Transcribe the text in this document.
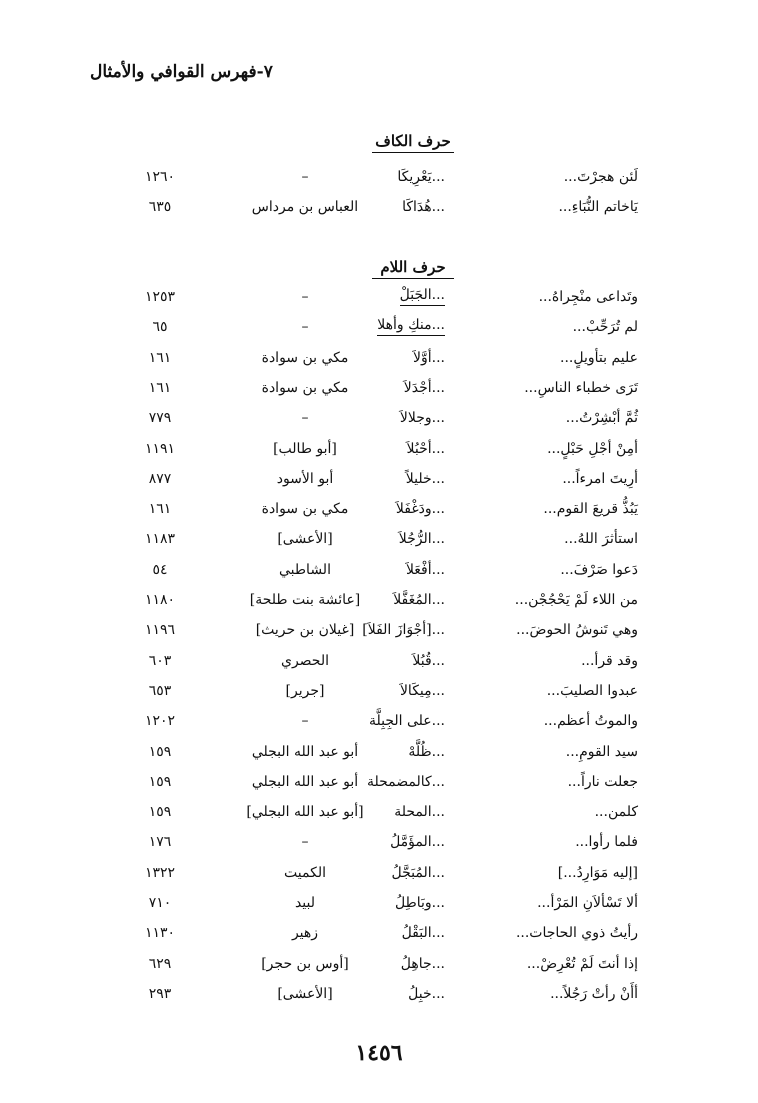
٧-فهرس القوافي والأمثال
حرف الكاف
لَئن هجرْتَ...
...يَعْرِيكَا
–
١٢٦٠
يَاخاتم النُّبَاءِ...
...هُدَاكَا
العباس بن مرداس
٦٣٥
حرف اللام
وتَداعى منْجِراهُ...
...الجَبَلْ
–
١٢٥٣
لم تُرَحِّبْ...
...منكِ وأهلا
–
٦٥
عليم بتأويلٍ...
...أوَّلاَ
مكي بن سوادة
١٦١
تَرَى خطباء الناسِ...
...أجْدَلاَ
مكي بن سوادة
١٦١
ثُمَّ أبْشِرْتُ...
...وجلالاَ
–
٧٧٩
أمِنْ أجْلِ حَبْلٍ...
...أحْبُلاَ
[أبو طالب]
١١٩١
أرِيتَ امرءاً...
...خليلاً
أبو الأسود
٨٧٧
يَبُذُّ قريعَ القوم...
...ودَغْفَلاَ
مكي بن سوادة
١٦١
استأثرَ اللهُ...
...الرُّجُلاَ
[الأعشى]
١١٨٣
دَعوا صَرْفَ...
...أفْعَلاَ
الشاطبي
٥٤
من اللاء لَمْ يَحْجُجْن...
...المُغَفَّلاَ
[عائشة بنت طلحة]
١١٨٠
وهي تَنوشُ الحوضَ...
...[أجْوَازَ الفَلاَ]
[غيلان بن حريث]
١١٩٦
وقد قرأ...
...قُبُلاَ
الحصري
٦٠٣
عبدوا الصليبَ...
...مِيكَالاَ
[جرير]
٦٥٣
والموتُ أعظم...
...على الجِبِلَّة
–
١٢٠٢
سيد القومِ...
...ظُلَّهْ
أبو عبد الله البجلي
١٥٩
جعلت ناراً...
...كالمضمحلة
أبو عبد الله البجلي
١٥٩
كلمن...
...المحلة
[أبو عبد الله البجلي]
١٥٩
فلما رأوا...
...المؤَمَّلُ
–
١٧٦
[إليه مَوَارِدُ...]
...المُبَجَّلُ
الكميت
١٣٢٢
ألا تَسْألاَنِ المَرْأ...
...وبَاطِلُ
لبيد
٧١٠
رأيتُ ذوي الحاجات...
...البَقْلُ
زهير
١١٣٠
إذا أنتَ لَمْ تُعْرِضْ...
...جاهِلُ
[أوس بن حجر]
٦٢٩
أأَنْ رأتْ رَجُلاً...
...خبِلُ
[الأعشى]
٢٩٣
١٤٥٦
